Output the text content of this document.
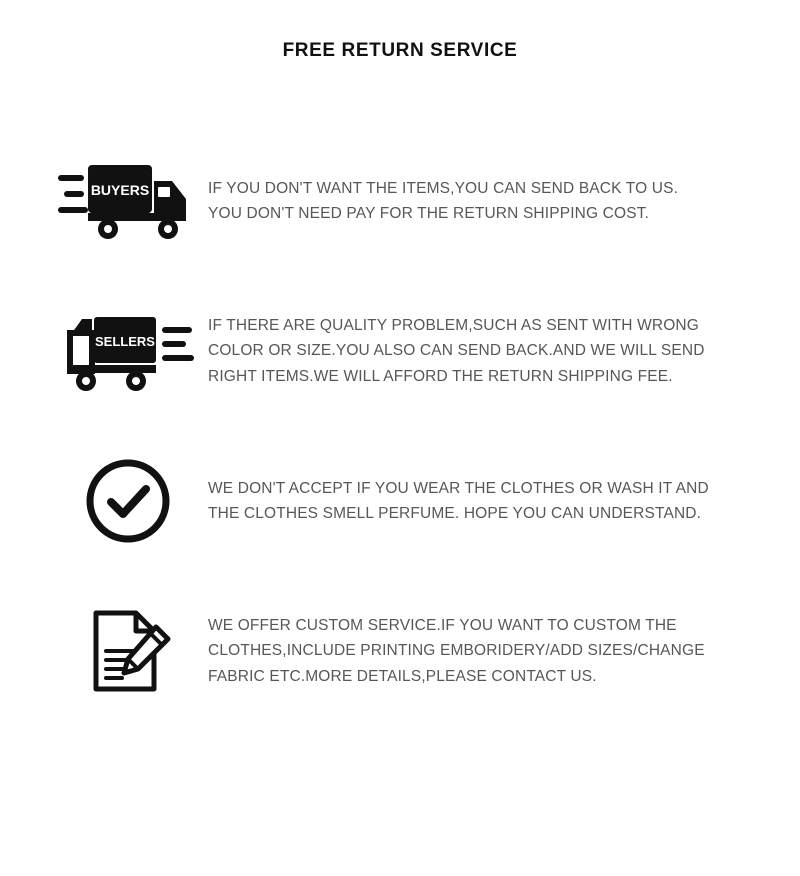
FREE RETURN SERVICE
BUYERS	IF YOU DON'T WANT THE ITEMS,YOU CAN SEND BACK TO US.

YOU DON'T NEED PAY FOR THE RETURN SHIPPING COST.

SELLERS

IF THERE ARE QUALITY PROBLEM,SUCH AS SENT WITH WRONG

COLOR OR SIZE.YOU ALSO CAN SEND BACK.AND WE WILL SEND

RIGHT ITEMS.WE WILL AFFORD THE RETURN SHIPPING FEE.

WE DON'T ACCEPT IF YOU WEAR THE CLOTHES OR WASH IT AND

THE CLOTHES SMELL PERFUME. HOPE YOU CAN UNDERSTAND.

WE OFFER CUSTOM SERVICE.IF YOU WANT TO CUSTOM THE

CLOTHES,INCLUDE PRINTING EMBORIDERY/ADD SIZES/CHANGE

FABRIC ETC.MORE DETAILS,PLEASE CONTACT US.
